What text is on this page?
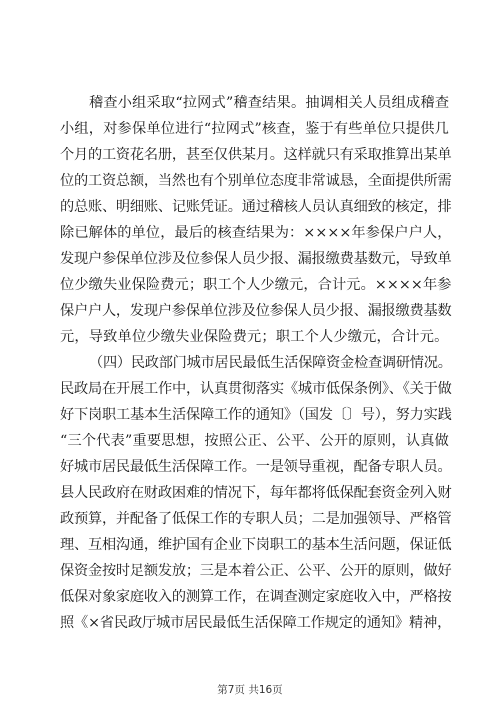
稽查小组采取“拉网式”稽查结果。抽调相关人员组成稽查
小组，对参保单位进行“拉网式”核查，鉴于有些单位只提供几
个月的工资花名册，甚至仅供某月。这样就只有采取推算出某单
位的工资总额，当然也有个别单位态度非常诚恳，全面提供所需
的总账、明细账、记账凭证。通过稽核人员认真细致的核定，排
除已解体的单位，最后的核查结果为：××××年参保户户人，
发现户参保单位涉及位参保人员少报、漏报缴费基数元，导致单
位少缴失业保险费元；职工个人少缴元，合计元。××××年参
保户户人，发现户参保单位涉及位参保人员少报、漏报缴费基数
元，导致单位少缴失业保险费元；职工个人少缴元，合计元。
（四）民政部门城市居民最低生活保障资金检查调研情况。
民政局在开展工作中，认真贯彻落实《城市低保条例》、《关于做
好下岗职工基本生活保障工作的通知》（国发〔〕号），努力实践
“三个代表”重要思想，按照公正、公平、公开的原则，认真做
好城市居民最低生活保障工作。一是领导重视，配备专职人员。
县人民政府在财政困难的情况下，每年都将低保配套资金列入财
政预算，并配备了低保工作的专职人员；二是加强领导、严格管
理、互相沟通，维护国有企业下岗职工的基本生活问题，保证低
保资金按时足额发放；三是本着公正、公平、公开的原则，做好
低保对象家庭收入的测算工作，在调查测定家庭收入中，严格按
照《×省民政厅城市居民最低生活保障工作规定的通知》精神，
第7页 共16页
